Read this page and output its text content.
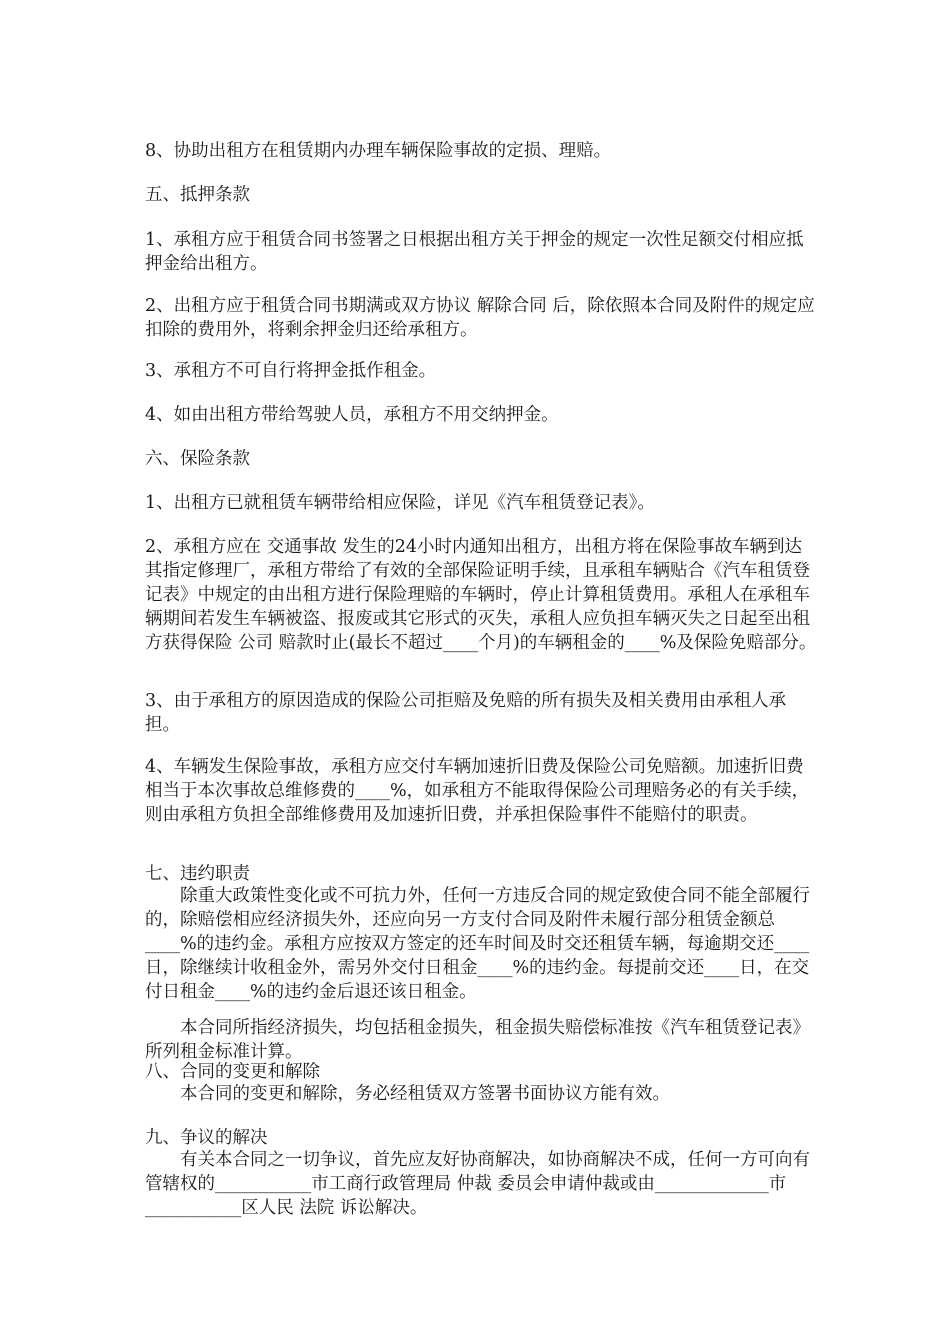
8、协助出租方在租赁期内办理车辆保险事故的定损、理赔。

五、抵押条款

1、承租方应于租赁合同书签署之日根据出租方关于押金的规定一次性足额交付相应抵押金给出租方。

2、出租方应于租赁合同书期满或双方协议 解除合同 后，除依照本合同及附件的规定应扣除的费用外，将剩余押金归还给承租方。

3、承租方不可自行将押金抵作租金。

4、如由出租方带给驾驶人员，承租方不用交纳押金。

六、保险条款

1、出租方已就租赁车辆带给相应保险，详见《汽车租赁登记表》。

2、承租方应在 交通事故 发生的24小时内通知出租方，出租方将在保险事故车辆到达其指定修理厂，承租方带给了有效的全部保险证明手续，且承租车辆贴合《汽车租赁登记表》中规定的由出租方进行保险理赔的车辆时，停止计算租赁费用。承租人在承租车辆期间若发生车辆被盗、报废或其它形式的灭失，承租人应负担车辆灭失之日起至出租方获得保险 公司 赔款时止(最长不超过____个月)的车辆租金的____%及保险免赔部分。

3、由于承租方的原因造成的保险公司拒赔及免赔的所有损失及相关费用由承租人承担。

4、车辆发生保险事故，承租方应交付车辆加速折旧费及保险公司免赔额。加速折旧费相当于本次事故总维修费的____%，如承租方不能取得保险公司理赔务必的有关手续，则由承租方负担全部维修费用及加速折旧费，并承担保险事件不能赔付的职责。

七、违约职责

除重大政策性变化或不可抗力外，任何一方违反合同的规定致使合同不能全部履行的，除赔偿相应经济损失外，还应向另一方支付合同及附件未履行部分租赁金额总____%的违约金。承租方应按双方签定的还车时间及时交还租赁车辆，每逾期交还____日，除继续计收租金外，需另外交付日租金____%的违约金。每提前交还____日，在交付日租金____%的违约金后退还该日租金。

本合同所指经济损失，均包括租金损失，租金损失赔偿标准按《汽车租赁登记表》所列租金标准计算。

八、合同的变更和解除

本合同的变更和解除，务必经租赁双方签署书面协议方能有效。

九、争议的解决

有关本合同之一切争议，首先应友好协商解决，如协商解决不成，任何一方可向有管辖权的___________市工商行政管理局 仲裁 委员会申请仲裁或由_____________市___________区人民 法院 诉讼解决。
